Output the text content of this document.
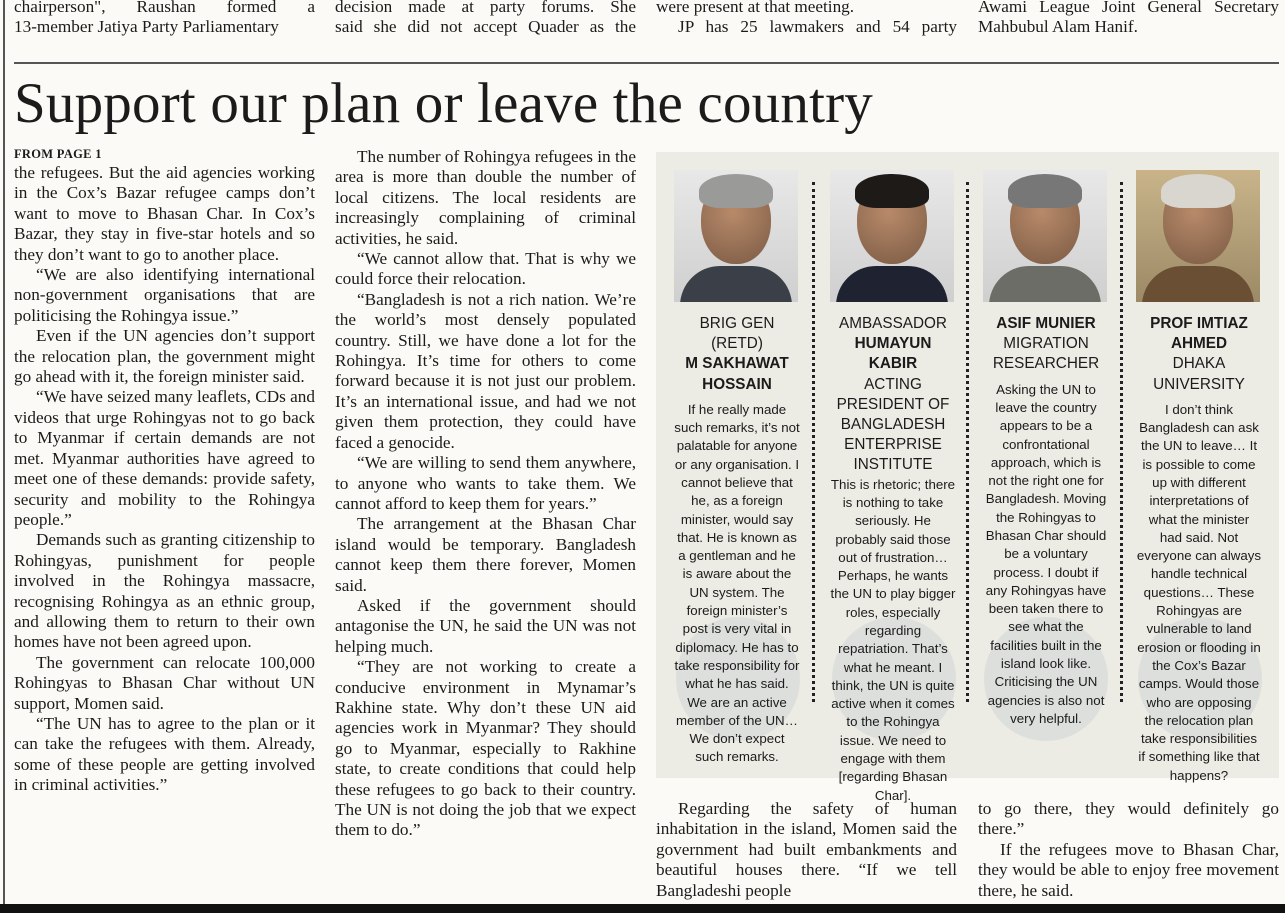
chairperson", Raushan formed a

13-member Jatiya Party Parliamentary

decision made at party forums. She

said she did not accept Quader as the

were present at that meeting.

JP has 25 lawmakers and 54 party

Awami League Joint General Secretary

Mahbubul Alam Hanif.

Support our plan or leave the country
FROM PAGE 1

the refugees. But the aid agencies working in the Cox’s Bazar refugee camps don’t want to move to Bhasan Char. In Cox’s Bazar, they stay in five-star hotels and so they don’t want to go to another place.

“We are also identifying international non-government organisations that are politicising the Rohingya issue.”

Even if the UN agencies don’t support the relocation plan, the government might go ahead with it, the foreign minister said.

“We have seized many leaflets, CDs and videos that urge Rohingyas not to go back to Myanmar if certain demands are not met. Myanmar authorities have agreed to meet one of these demands: provide safety, security and mobility to the Rohingya people.”

Demands such as granting citizenship to Rohingyas, punishment for people involved in the Rohingya massacre, recognising Rohingya as an ethnic group, and allowing them to return to their own homes have not been agreed upon.

The government can relocate 100,000 Rohingyas to Bhasan Char without UN support, Momen said.

“The UN has to agree to the plan or it can take the refugees with them. Already, some of these people are getting involved in criminal activities.”

The number of Rohingya refugees in the area is more than double the number of local citizens. The local residents are increasingly complaining of criminal activities, he said.

“We cannot allow that. That is why we could force their relocation.

“Bangladesh is not a rich nation. We’re the world’s most densely populated country. Still, we have done a lot for the Rohingya. It’s time for others to come forward because it is not just our problem. It’s an international issue, and had we not given them protection, they could have faced a genocide.

“We are willing to send them anywhere, to anyone who wants to take them. We cannot afford to keep them for years.”

The arrangement at the Bhasan Char island would be temporary. Bangladesh cannot keep them there forever, Momen said.

Asked if the government should antagonise the UN, he said the UN was not helping much.

“They are not working to create a conducive environment in Mynamar’s Rakhine state. Why don’t these UN aid agencies work in Myanmar? They should go to Myanmar, especially to Rakhine state, to create conditions that could help these refugees to go back to their country. The UN is not doing the job that we expect them to do.”

BRIG GEN (RETD)
M SAKHAWAT HOSSAIN
If he really made such remarks, it’s not palatable for anyone or any organisation. I cannot believe that he, as a foreign minister, would say that. He is known as a gentleman and he is aware about the UN system. The foreign minister’s post is very vital in diplomacy. He has to take responsibility for what he has said. We are an active member of the UN… We don’t expect such remarks.
AMBASSADOR
HUMAYUN KABIR
ACTING PRESIDENT OF BANGLADESH ENTERPRISE INSTITUTE
This is rhetoric; there is nothing to take seriously. He probably said those out of frustration… Perhaps, he wants the UN to play bigger roles, especially regarding repatriation. That’s what he meant. I think, the UN is quite active when it comes to the Rohingya issue. We need to engage with them [regarding Bhasan Char].
ASIF MUNIER
MIGRATION RESEARCHER
Asking the UN to leave the country appears to be a confrontational approach, which is not the right one for Bangladesh. Moving the Rohingyas to Bhasan Char should be a voluntary process. I doubt if any Rohingyas have been taken there to see what the facilities built in the island look like. Criticising the UN agencies is also not very helpful.
PROF IMTIAZ AHMED
DHAKA UNIVERSITY
I don’t think Bangladesh can ask the UN to leave… It is possible to come up with different interpretations of what the minister had said. Not everyone can always handle technical questions… These Rohingyas are vulnerable to land erosion or flooding in the Cox’s Bazar camps. Would those who are opposing the relocation plan take responsibilities if something like that happens?

Regarding the safety of human inhabitation in the island, Momen said the government had built embankments and beautiful houses there. “If we tell Bangladeshi people

to go there, they would definitely go there.”

If the refugees move to Bhasan Char, they would be able to enjoy free movement there, he said.
